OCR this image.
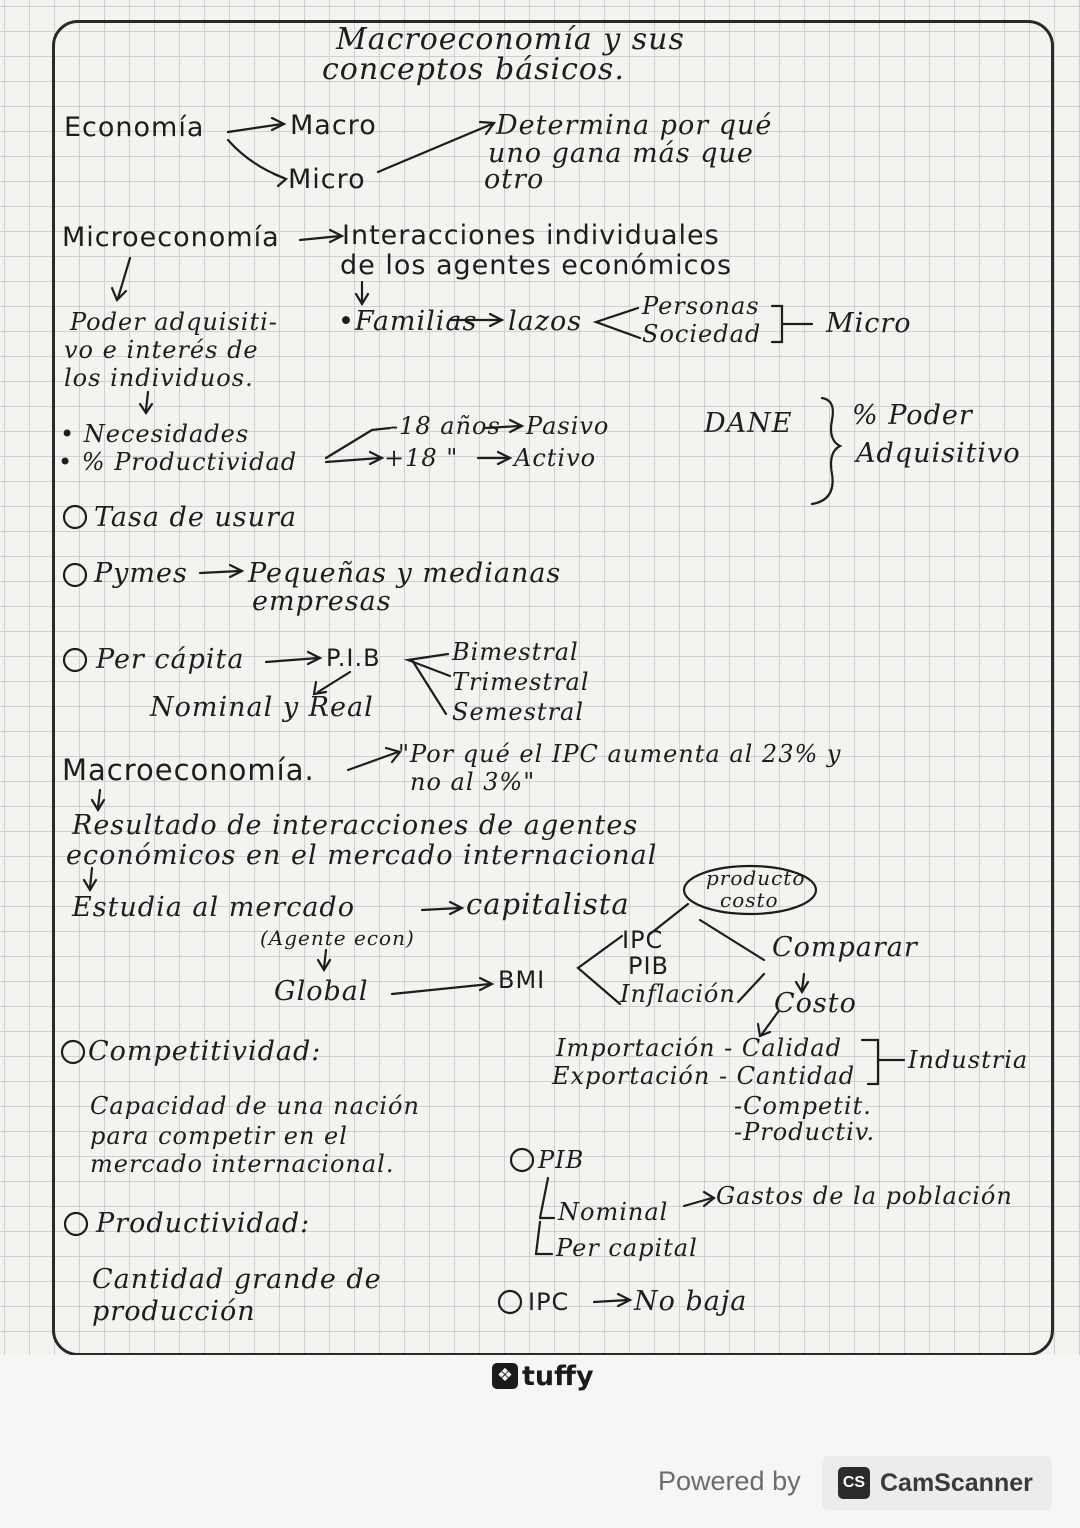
Macroeconomía y sus
conceptos básicos.
Economía	Macro
Micro
Determina por qué
uno gana más que
otro
Microeconomía Interacciones individuales
de los agentes económicos
Poder adquisiti-
vo e interés de
los individuos.
•Familias lazos Personas
Sociedad Micro
• Necesidades
• % Productividad
-18 años Pasivo
+18 " Activo
DANE % Poder
Adquisitivo
Tasa de usura
Pymes Pequeñas y medianas
empresas
Per cápita	P.I.B	Bimestral
Trimestral
Semestral
Nominal y Real
Macroeconomía.	"Por qué el IPC aumenta al 23% y
no al 3%"
Resultado de interacciones de agentes
económicos en el mercado internacional
Estudia al mercado	capitalista
producto
costo
(Agente econ)
Global	BMI
IPC
PIB
Inflación
Comparar
Costo
Importación - Calidad
Exportación - Cantidad
-Competit.
-Productiv.
Industria
Competitividad:
Capacidad de una nación
para competir en el
mercado internacional.
Productividad:
Cantidad grande de
producción
PIB
Nominal
Gastos de la población
Per capital
IPC No baja
❖ tuffy
Powered by	CS CamScanner
